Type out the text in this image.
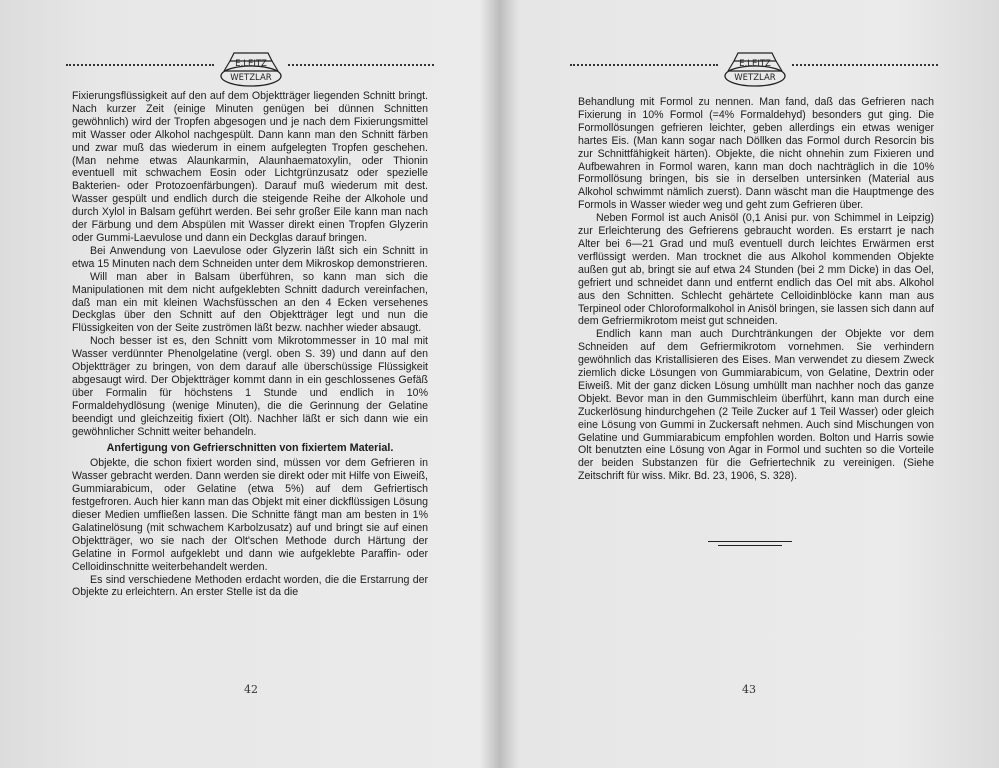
E.LEITZ
WETZLAR

Fixierungsflüssigkeit auf den auf dem Objektträger liegenden Schnitt bringt. Nach kurzer Zeit (einige Minuten genügen bei dünnen Schnitten gewöhnlich) wird der Tropfen abgesogen und je nach dem Fixierungsmittel mit Wasser oder Alkohol nachgespült. Dann kann man den Schnitt färben und zwar muß das wiederum in einem aufgelegten Tropfen geschehen. (Man nehme etwas Alaunkarmin, Alaunhaematoxylin, oder Thionin eventuell mit schwachem Eosin oder Lichtgrünzusatz oder spezielle Bakterien- oder Protozoenfärbungen). Darauf muß wiederum mit dest. Wasser gespült und endlich durch die steigende Reihe der Alkohole und durch Xylol in Balsam geführt werden. Bei sehr großer Eile kann man nach der Färbung und dem Abspülen mit Wasser direkt einen Tropfen Glyzerin oder Gummi-Laevulose und dann ein Deckglas darauf bringen.

Bei Anwendung von Laevulose oder Glyzerin läßt sich ein Schnitt in etwa 15 Minuten nach dem Schneiden unter dem Mikroskop demonstrieren.

Will man aber in Balsam überführen, so kann man sich die Manipulationen mit dem nicht aufgeklebten Schnitt dadurch vereinfachen, daß man ein mit kleinen Wachsfüsschen an den 4 Ecken versehenes Deckglas über den Schnitt auf den Objektträger legt und nun die Flüssigkeiten von der Seite zuströmen läßt bezw. nachher wieder absaugt.

Noch besser ist es, den Schnitt vom Mikrotommesser in 10 mal mit Wasser verdünnter Phenolgelatine (vergl. oben S. 39) und dann auf den Objektträger zu bringen, von dem darauf alle überschüssige Flüssigkeit abgesaugt wird. Der Objektträger kommt dann in ein geschlossenes Gefäß über Formalin für höchstens 1 Stunde und endlich in 10% Formaldehydlösung (wenige Minuten), die die Gerinnung der Gelatine beendigt und gleichzeitig fixiert (Olt). Nachher läßt er sich dann wie ein gewöhnlicher Schnitt weiter behandeln.

Anfertigung von Gefrierschnitten von fixiertem Material.

Objekte, die schon fixiert worden sind, müssen vor dem Gefrieren in Wasser gebracht werden. Dann werden sie direkt oder mit Hilfe von Eiweiß, Gummiarabicum, oder Gelatine (etwa 5%) auf dem Gefriertisch festgefroren. Auch hier kann man das Objekt mit einer dickflüssigen Lösung dieser Medien umfließen lassen. Die Schnitte fängt man am besten in 1% Galatinelösung (mit schwachem Karbolzusatz) auf und bringt sie auf einen Objektträger, wo sie nach der Olt'schen Methode durch Härtung der Gelatine in Formol aufgeklebt und dann wie aufgeklebte Paraffin- oder Celloidinschnitte weiterbehandelt werden.

Es sind verschiedene Methoden erdacht worden, die die Erstarrung der Objekte zu erleichtern. An erster Stelle ist da die

42
E.LEITZ
WETZLAR

Behandlung mit Formol zu nennen. Man fand, daß das Gefrieren nach Fixierung in 10% Formol (=4% Formaldehyd) besonders gut ging. Die Formollösungen gefrieren leichter, geben allerdings ein etwas weniger hartes Eis. (Man kann sogar nach Döllken das Formol durch Resorcin bis zur Schnittfähigkeit härten). Objekte, die nicht ohnehin zum Fixieren und Aufbewahren in Formol waren, kann man doch nachträglich in die 10% Formollösung bringen, bis sie in derselben untersinken (Material aus Alkohol schwimmt nämlich zuerst). Dann wäscht man die Hauptmenge des Formols in Wasser wieder weg und geht zum Gefrieren über.

Neben Formol ist auch Anisöl (0,1 Anisi pur. von Schimmel in Leipzig) zur Erleichterung des Gefrierens gebraucht worden. Es erstarrt je nach Alter bei 6—21 Grad und muß eventuell durch leichtes Erwärmen erst verflüssigt werden. Man trocknet die aus Alkohol kommenden Objekte außen gut ab, bringt sie auf etwa 24 Stunden (bei 2 mm Dicke) in das Oel, gefriert und schneidet dann und entfernt endlich das Oel mit abs. Alkohol aus den Schnitten. Schlecht gehärtete Celloidinblöcke kann man aus Terpineol oder Chloroformalkohol in Anisöl bringen, sie lassen sich dann auf dem Gefriermikrotom meist gut schneiden.

Endlich kann man auch Durchtränkungen der Objekte vor dem Schneiden auf dem Gefriermikrotom vornehmen. Sie verhindern gewöhnlich das Kristallisieren des Eises. Man verwendet zu diesem Zweck ziemlich dicke Lösungen von Gummiarabicum, von Gelatine, Dextrin oder Eiweiß. Mit der ganz dicken Lösung umhüllt man nachher noch das ganze Objekt. Bevor man in den Gummischleim überführt, kann man durch eine Zuckerlösung hindurchgehen (2 Teile Zucker auf 1 Teil Wasser) oder gleich eine Lösung von Gummi in Zuckersaft nehmen. Auch sind Mischungen von Gelatine und Gummiarabicum empfohlen worden. Bolton und Harris sowie Olt benutzten eine Lösung von Agar in Formol und suchten so die Vorteile der beiden Substanzen für die Gefriertechnik zu vereinigen. (Siehe Zeitschrift für wiss. Mikr. Bd. 23, 1906, S. 328).

43
